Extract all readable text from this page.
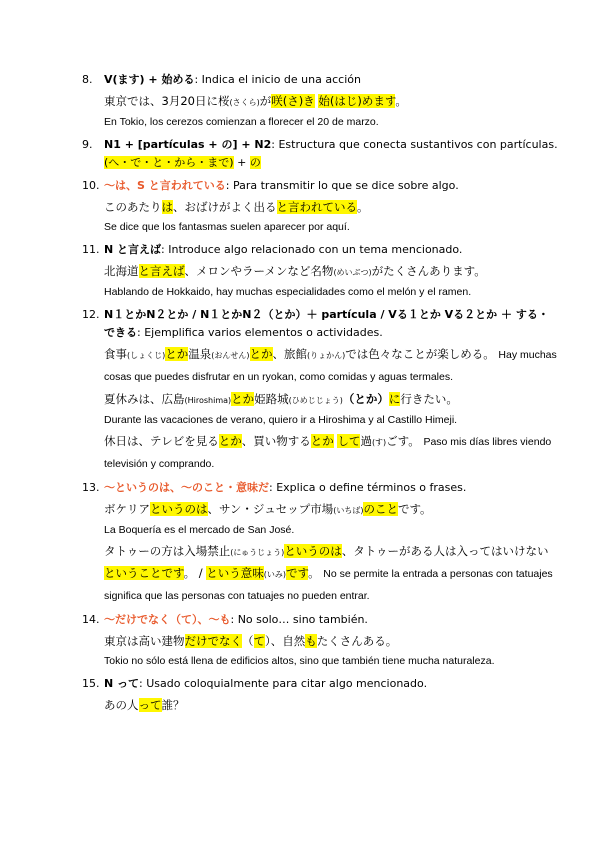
8. V(ます) + 始める: Indica el inicio de una acción
東京では、3月20日に桜(さくら)が咲(さ)き 始(はじ)めます。
En Tokio, los cerezos comienzan a florecer el 20 de marzo.
9. N1 + [partículas + の] + N2: Estructura que conecta sustantivos con partículas. (へ・で・と・から・まで) + の
10. ～は、S と言われている: Para transmitir lo que se dice sobre algo.
このあたりは、おばけがよく出ると言われている。
Se dice que los fantasmas suelen aparecer por aquí.
11. N と言えば: Introduce algo relacionado con un tema mencionado.
北海道と言えば、メロンやラーメンなど名物(めいぶつ)がたくさんあります。
Hablando de Hokkaido, hay muchas especialidades como el melón y el ramen.
12. N１とかN２とか / N１とかN２（とか）＋ partícula / Vる１とか Vる２とか ＋ する・できる: Ejemplifica varios elementos o actividades.
食事(しょくじ)とか温泉(おんせん)とか、旅館(りょかん)では色々なことが楽しめる。 Hay muchas cosas que puedes disfrutar en un ryokan, como comidas y aguas termales.
夏休みは、広島(Hiroshima)とか姫路城(ひめじじょう)（とか）に行きたい。
Durante las vacaciones de verano, quiero ir a Hiroshima y al Castillo Himeji.
休日は、テレビを見るとか、買い物するとか して過(す)ごす。 Paso mis días libres viendo televisión y comprando.
13. ～というのは、～のこと・意味だ: Explica o define términos o frases.
ボケリアというのは、サン・ジュセップ市場(いちば)のことです。
La Boquería es el mercado de San José.
タトゥーの方は入場禁止(にゅうじょう)というのは、タトゥーがある人は入ってはいけないということです。 / という意味(いみ)です。 No se permite la entrada a personas con tatuajes significa que las personas con tatuajes no pueden entrar.
14. ～だけでなく（て）、～も: No solo… sino también.
東京は高い建物だけでなく（て）、自然もたくさんある。
Tokio no sólo está llena de edificios altos, sino que también tiene mucha naturaleza.
15. N って: Usado coloquialmente para citar algo mencionado.
あの人って誰？
